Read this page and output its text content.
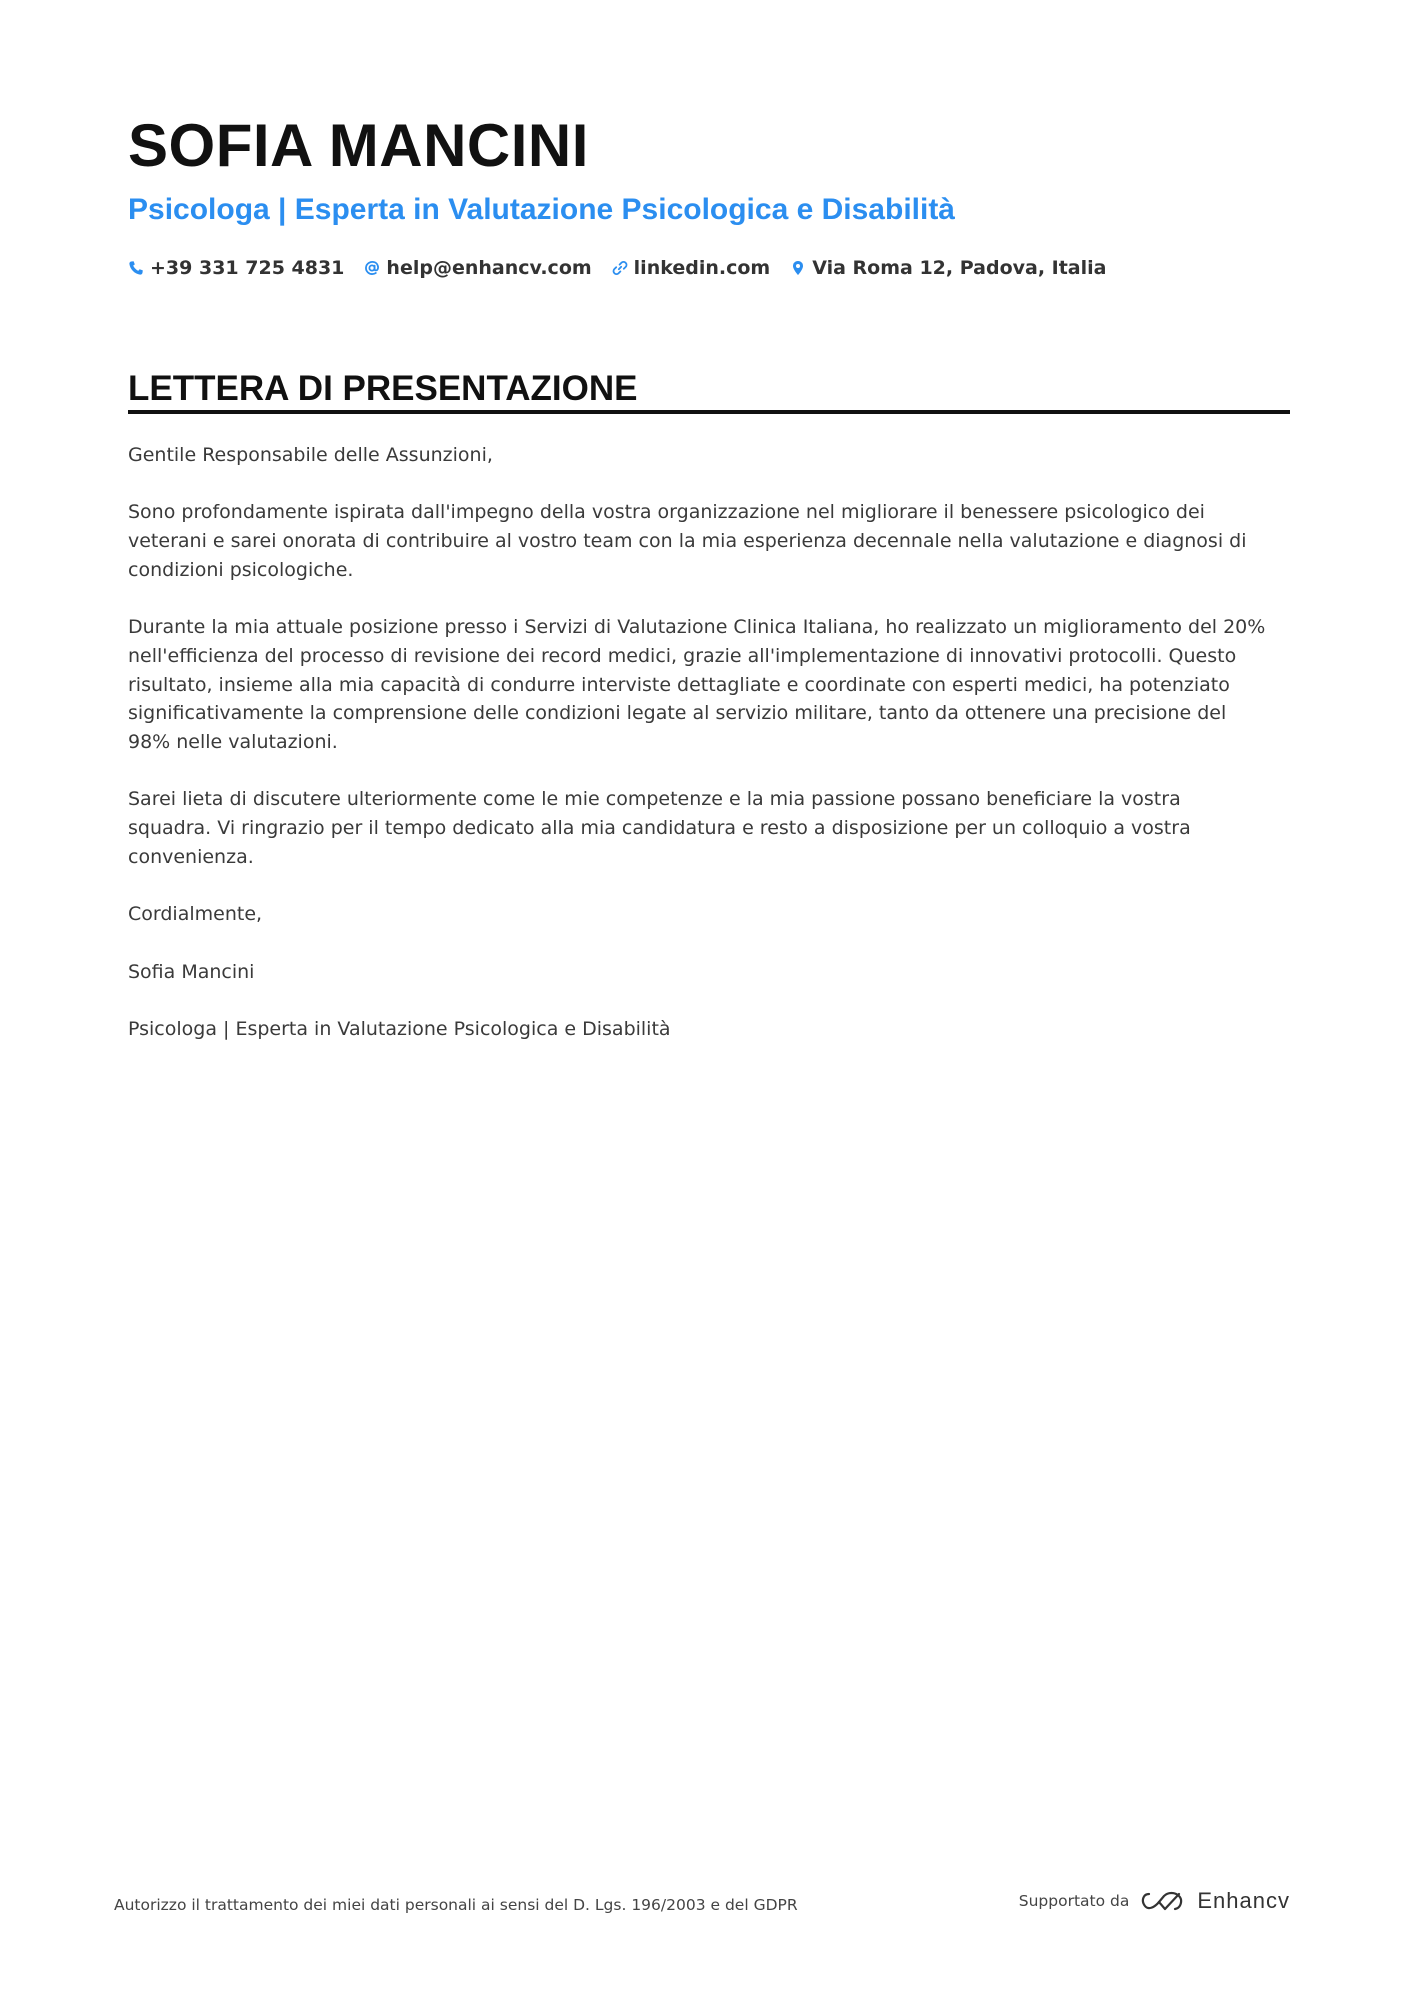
SOFIA MANCINI
Psicologa | Esperta in Valutazione Psicologica e Disabilità
+39 331 725 4831 help@enhancv.com linkedin.com Via Roma 12, Padova, Italia
LETTERA DI PRESENTAZIONE

Gentile Responsabile delle Assunzioni,

Sono profondamente ispirata dall'impegno della vostra organizzazione nel migliorare il benessere psicologico dei
veterani e sarei onorata di contribuire al vostro team con la mia esperienza decennale nella valutazione e diagnosi di
condizioni psicologiche.

Durante la mia attuale posizione presso i Servizi di Valutazione Clinica Italiana, ho realizzato un miglioramento del 20%
nell'efficienza del processo di revisione dei record medici, grazie all'implementazione di innovativi protocolli. Questo
risultato, insieme alla mia capacità di condurre interviste dettagliate e coordinate con esperti medici, ha potenziato
significativamente la comprensione delle condizioni legate al servizio militare, tanto da ottenere una precisione del
98% nelle valutazioni.

Sarei lieta di discutere ulteriormente come le mie competenze e la mia passione possano beneficiare la vostra
squadra. Vi ringrazio per il tempo dedicato alla mia candidatura e resto a disposizione per un colloquio a vostra
convenienza.

Cordialmente,

Sofia Mancini

Psicologa | Esperta in Valutazione Psicologica e Disabilità

Autorizzo il trattamento dei miei dati personali ai sensi del D. Lgs. 196/2003 e del GDPR	Supportato da	Enhancv
